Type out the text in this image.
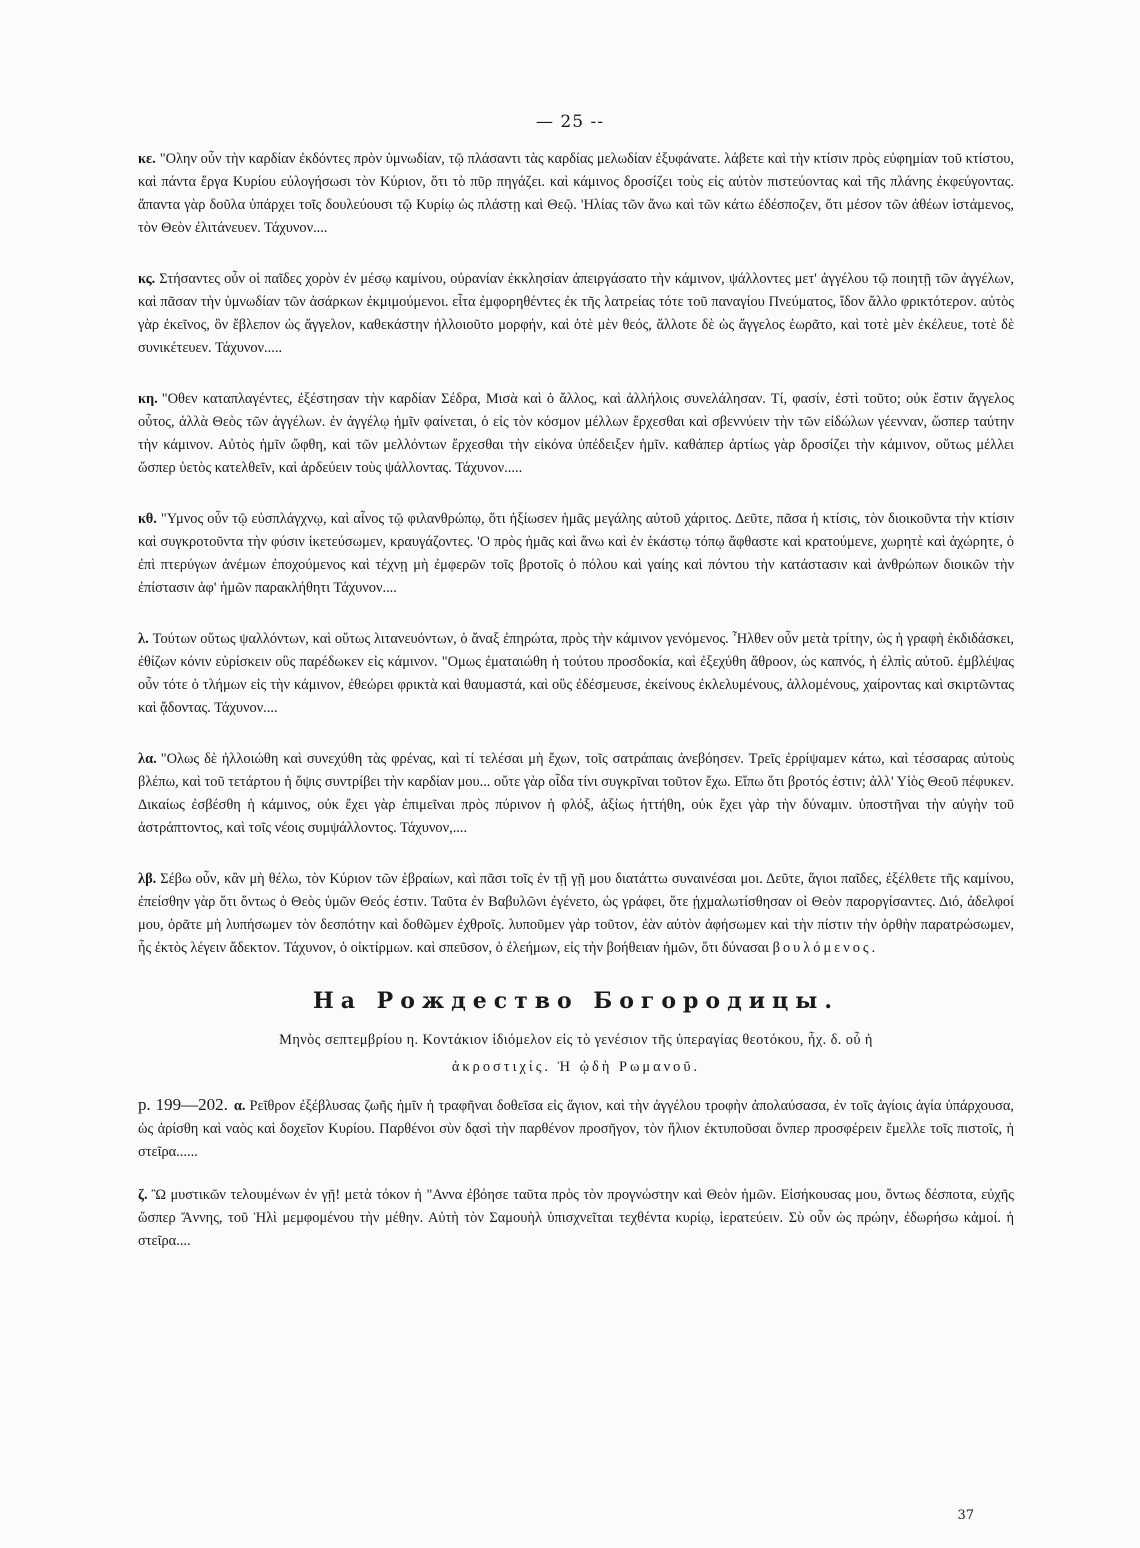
— 25 --

κε. "Ολην οὖν τὴν καρδίαν ἐκδόντες πρὸν ὑμνωδίαν, τῷ πλάσαντι τὰς καρδίας μελωδίαν ἐξυφάνατε. λάβετε καὶ τὴν κτίσιν πρὸς εὐφημίαν τοῦ κτίστου, καὶ πάντα ἔργα Κυρίου εὐλογήσωσι τὸν Κύριον, ὅτι τὸ πῦρ πηγάζει. καὶ κάμινος δροσίζει τοὺς εἰς αὐτὸν πιστεύοντας καὶ τῆς πλάνης ἐκφεύγοντας. ἅπαντα γὰρ δοῦλα ὑπάρχει τοῖς δουλεύουσι τῷ Κυρίῳ ὡς πλάστῃ καὶ Θεῷ. 'Ηλίας τῶν ἄνω καὶ τῶν κάτω ἐδέσποζεν, ὅτι μέσον τῶν ἀθέων ἱστάμενος, τὸν Θεὸν ἐλιτάνευεν. Τάχυνον....

κς. Στήσαντες οὖν οἱ παῖδες χορὸν ἐν μέσῳ καμίνου, οὐρανίαν ἐκκλησίαν ἀπειργάσατο τὴν κάμινον, ψάλλοντες μετ' ἀγγέλου τῷ ποιητῇ τῶν ἀγγέλων, καὶ πᾶσαν τὴν ὑμνωδίαν τῶν ἀσάρκων ἐκμιμούμενοι. εἶτα ἐμφορηθέντες ἐκ τῆς λατρείας τότε τοῦ παναγίου Πνεύματος, ἴδον ἄλλο φρικτότερον. αὐτὸς γὰρ ἐκεῖνος, ὃν ἔβλεπον ὡς ἄγγελον, καθεκάστην ἠλλοιοῦτο μορφήν, καὶ ὁτὲ μὲν θεός, ἄλλοτε δὲ ὡς ἄγγελος ἑωρᾶτο, καὶ τοτὲ μὲν ἐκέλευε, τοτὲ δὲ συνικέτευεν. Τάχυνον.....

κη. "Οθεν καταπλαγέντες, ἐξέστησαν τὴν καρδίαν Σέδρα, Μισὰ καὶ ὁ ἄλλος, καὶ ἀλλήλοις συνελάλησαν. Τί, φασίν, ἐστὶ τοῦτο; οὐκ ἔστιν ἄγγελος οὗτος, ἀλλὰ Θεὸς τῶν ἀγγέλων. ἐν ἀγγέλῳ ἡμῖν φαίνεται, ὁ εἰς τὸν κόσμον μέλλων ἔρχεσθαι καὶ σβεννύειν τὴν τῶν εἰδώλων γέενναν, ὥσπερ ταύτην τὴν κάμινον. Αὐτὸς ἡμῖν ὤφθη, καὶ τῶν μελλόντων ἔρχεσθαι τὴν εἰκόνα ὑπέδειξεν ἡμῖν. καθάπερ ἀρτίως γὰρ δροσίζει τὴν κάμινον, οὕτως μέλλει ὥσπερ ὑετὸς κατελθεῖν, καὶ ἀρδεύειν τοὺς ψάλλοντας. Τάχυνον.....

κθ. "Υμνος οὖν τῷ εὐσπλάγχνῳ, καὶ αἶνος τῷ φιλανθρώπῳ, ὅτι ἠξίωσεν ἡμᾶς μεγάλης αὐτοῦ χάριτος. Δεῦτε, πᾶσα ἡ κτίσις, τὸν διοικοῦντα τὴν κτίσιν καὶ συγκροτοῦντα τὴν φύσιν ἱκετεύσωμεν, κραυγάζοντες. 'Ο πρὸς ἡμᾶς καὶ ἄνω καὶ ἐν ἑκάστῳ τόπῳ ἄφθαστε καὶ κρατούμενε, χωρητὲ καὶ ἀχώρητε, ὁ ἐπὶ πτερύγων ἀνέμων ἐποχούμενος καὶ τέχνῃ μὴ ἐμφερῶν τοῖς βροτοῖς ὁ πόλου καὶ γαίης καὶ πόντου τὴν κατάστασιν καὶ ἀνθρώπων διοικῶν τὴν ἐπίστασιν ἀφ' ἡμῶν παρακλήθητι Τάχυνον....

λ. Τούτων οὕτως ψαλλόντων, καὶ οὕτως λιτανευόντων, ὁ ἄναξ ἐπηρώτα, πρὸς τὴν κάμινον γενόμενος. Ἦλθεν οὖν μετὰ τρίτην, ὡς ἡ γραφὴ ἐκδιδάσκει, ἐθίζων κόνιν εὑρίσκειν οὓς παρέδωκεν εἰς κάμινον. "Ομως ἐματαιώθη ἡ τούτου προσδοκία, καὶ ἐξεχύθη ἄθροον, ὡς καπνός, ἡ ἐλπὶς αὐτοῦ. ἐμβλέψας οὖν τότε ὁ τλήμων εἰς τὴν κάμινον, ἐθεώρει φρικτὰ καὶ θαυμαστά, καὶ οὓς ἐδέσμευσε, ἐκείνους ἐκλελυμένους, ἀλλομένους, χαίροντας καὶ σκιρτῶντας καὶ ᾄδοντας. Τάχυνον....

λα. "Ολως δὲ ἠλλοιώθη καὶ συνεχύθη τὰς φρένας, καὶ τί τελέσαι μὴ ἔχων, τοῖς σατράπαις ἀνεβόησεν. Τρεῖς ἐρρίψαμεν κάτω, καὶ τέσσαρας αὐτοὺς βλέπω, καὶ τοῦ τετάρτου ἡ ὄψις συντρίβει τὴν καρδίαν μου... οὔτε γὰρ οἶδα τίνι συγκρῖναι τοῦτον ἔχω. Εἴπω ὅτι βροτός ἐστιν; ἀλλ' Υἱὸς Θεοῦ πέφυκεν. Δικαίως ἐσβέσθη ἡ κάμινος, οὐκ ἔχει γὰρ ἐπιμεῖναι πρὸς πύρινον ἡ φλόξ, ἀξίως ἡττήθη, οὐκ ἔχει γὰρ τὴν δύναμιν. ὑποστῆναι τὴν αὐγὴν τοῦ ἀστράπτοντος, καὶ τοῖς νέοις συμψάλλοντος. Τάχυνον,....

λβ. Σέβω οὖν, κἂν μὴ θέλω, τὸν Κύριον τῶν ἑβραίων, καὶ πᾶσι τοῖς ἐν τῇ γῇ μου διατάττω συναινέσαι μοι. Δεῦτε, ἅγιοι παῖδες, ἐξέλθετε τῆς καμίνου, ἐπείσθην γὰρ ὅτι ὄντως ὁ Θεὸς ὑμῶν Θεός ἐστιν. Ταῦτα ἐν Βαβυλῶνι ἐγένετο, ὡς γράφει, ὅτε ᾐχμαλωτίσθησαν οἱ Θεὸν παροργίσαντες. Διό, ἀδελφοί μου, ὁρᾶτε μὴ λυπήσωμεν τὸν δεσπότην καὶ δοθῶμεν ἐχθροῖς. λυποῦμεν γὰρ τοῦτον, ἐὰν αὐτὸν ἀφήσωμεν καὶ τὴν πίστιν τὴν ὀρθὴν παρατρώσωμεν, ἧς ἐκτὸς λέγειν ἄδεκτον. Τάχυνον, ὁ οἰκτίρμων. καὶ σπεῦσον, ὁ ἐλεήμων, εἰς τὴν βοήθειαν ἡμῶν, ὅτι δύνασαι βουλόμενος.

На Рождество Богородицы.
Μηνὸς σεπτεμβρίου η. Κοντάκιον ἰδιόμελον εἰς τὸ γενέσιον τῆς ὑπεραγίας θεοτόκου, ἦχ. δ. οὗ ἡ
ἀκροστιχίς. Ἡ ᾠδὴ Ρωμανοῦ.

p. 199—202. α. Ρεῖθρον ἐξέβλυσας ζωῆς ἡμῖν ἡ τραφῆναι δοθεῖσα εἰς ἅγιον, καὶ τὴν ἀγγέλου τροφὴν ἀπολαύσασα, ἐν τοῖς ἁγίοις ἁγία ὑπάρχουσα, ὡς ἀρίσθη καὶ ναὸς καὶ δοχεῖον Κυρίου. Παρθένοι σὺν δᾳσὶ τὴν παρθένον προσῆγον, τὸν ἥλιον ἐκτυποῦσαι ὅνπερ προσφέρειν ἔμελλε τοῖς πιστοῖς, ἡ στεῖρα......

ζ. Ὢ μυστικῶν τελουμένων ἐν γῇ! μετὰ τόκον ἡ "Αννα ἐβόησε ταῦτα πρὸς τὸν προγνώστην καὶ Θεὸν ἡμῶν. Εἰσήκουσας μου, ὄντως δέσποτα, εὐχῆς ὥσπερ Ἄννης, τοῦ Ἡλὶ μεμφομένου τὴν μέθην. Αὐτὴ τὸν Σαμουὴλ ὑπισχνεῖται τεχθέντα κυρίῳ, ἱερατεύειν. Σὺ οὖν ὡς πρώην, ἐδωρήσω κἀμοί. ἡ στεῖρα....

37
